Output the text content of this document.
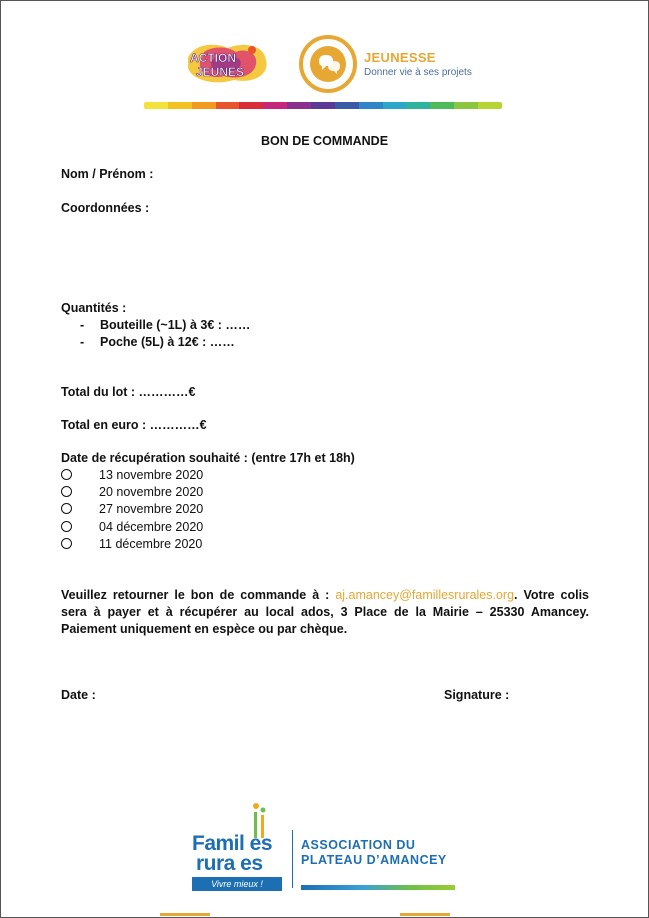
ACTION
JEUNES
JEUNESSE
Donner vie à ses projets
BON DE COMMANDE
Nom / Prénom :
Coordonnées :
Quantités :
- Bouteille (~1L) à 3€ : ……
- Poche (5L) à 12€ : ……
Total du lot : …………€
Total en euro : …………€
Date de récupération souhaité : (entre 17h et 18h)
13 novembre 2020
20 novembre 2020
27 novembre 2020
04 décembre 2020
11 décembre 2020
Veuillez retourner le bon de commande à : aj.amancey@famillesrurales.org. Votre colis sera à payer et à récupérer au local ados, 3 Place de la Mairie – 25330 Amancey. Paiement uniquement en espèce ou par chèque.
Date :	Signature :
Famil es
rura es
Vivre mieux !
ASSOCIATION DU
PLATEAU D’AMANCEY
